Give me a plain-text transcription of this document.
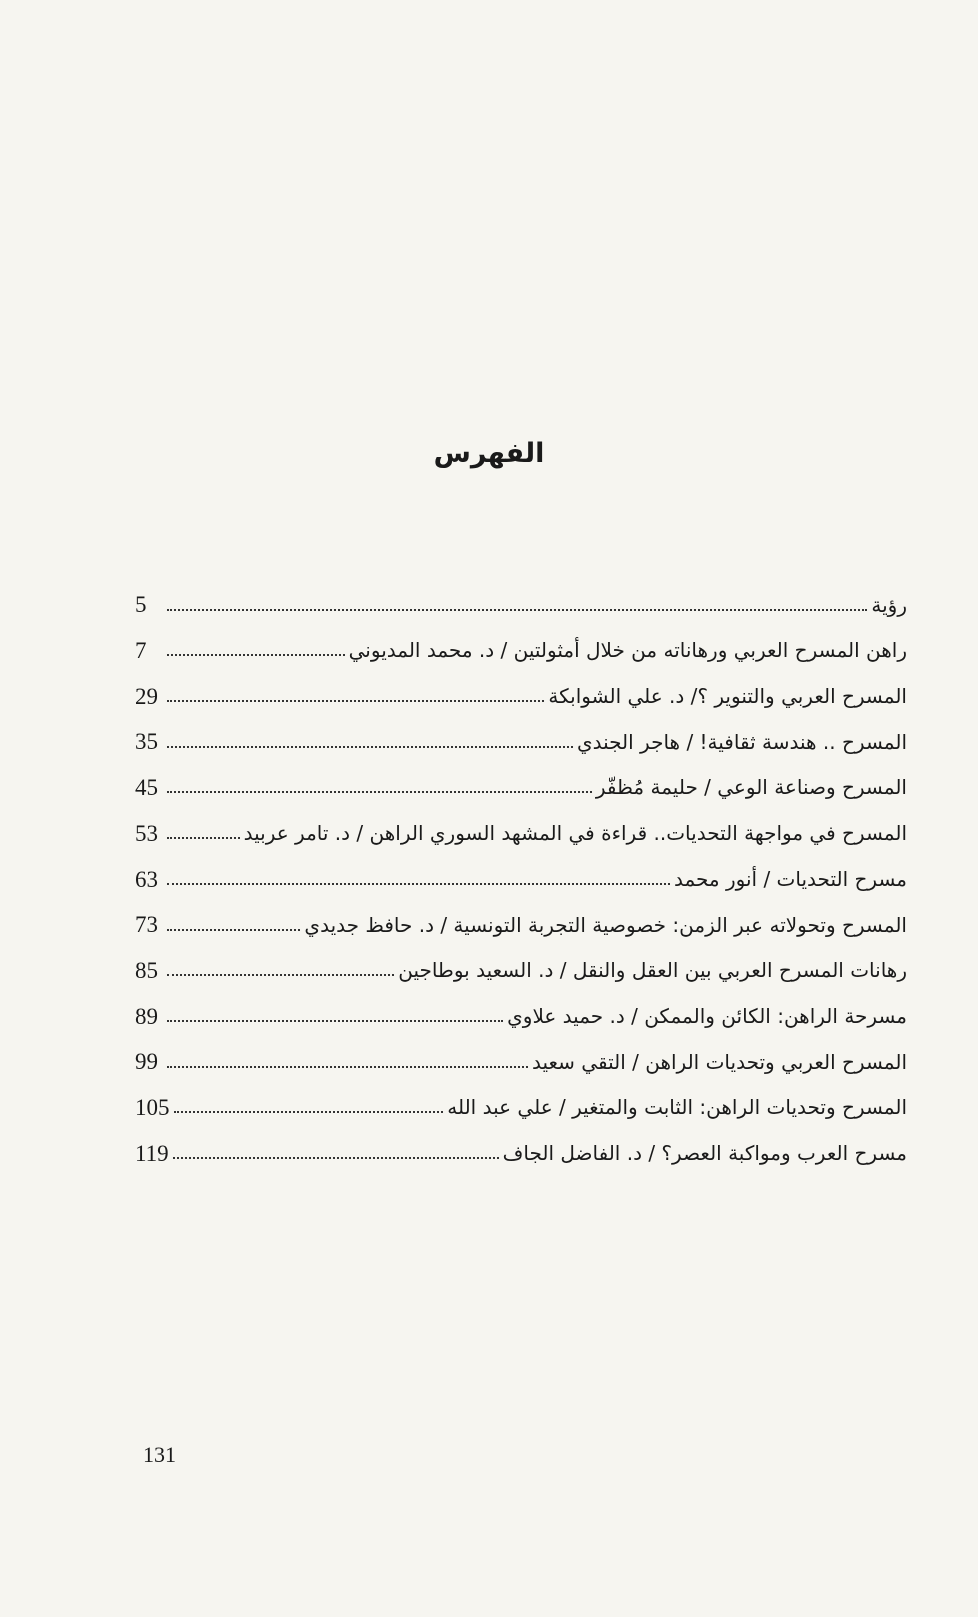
الفهرس
رؤية
5
راهن المسرح العربي ورهاناته من خلال أمثولتين / د. محمد المديوني
7
المسرح العربي والتنوير ؟/ د. علي الشوابكة
29
المسرح .. هندسة ثقافية! / هاجر الجندي
35
المسرح وصناعة الوعي / حليمة مُظفّر
45
المسرح في مواجهة التحديات.. قراءة في المشهد السوري الراهن / د. تامر عربيد
53
مسرح التحديات / أنور محمد
63
المسرح وتحولاته عبر الزمن: خصوصية التجربة التونسية / د. حافظ جديدي
73
رهانات المسرح العربي بين العقل والنقل / د. السعيد بوطاجين
85
مسرحة الراهن: الكائن والممكن / د. حميد علاوي
89
المسرح العربي وتحديات الراهن / التقي سعيد
99
المسرح وتحديات الراهن: الثابت والمتغير / علي عبد الله
105
مسرح العرب ومواكبة العصر؟ / د. الفاضل الجاف
119
131
